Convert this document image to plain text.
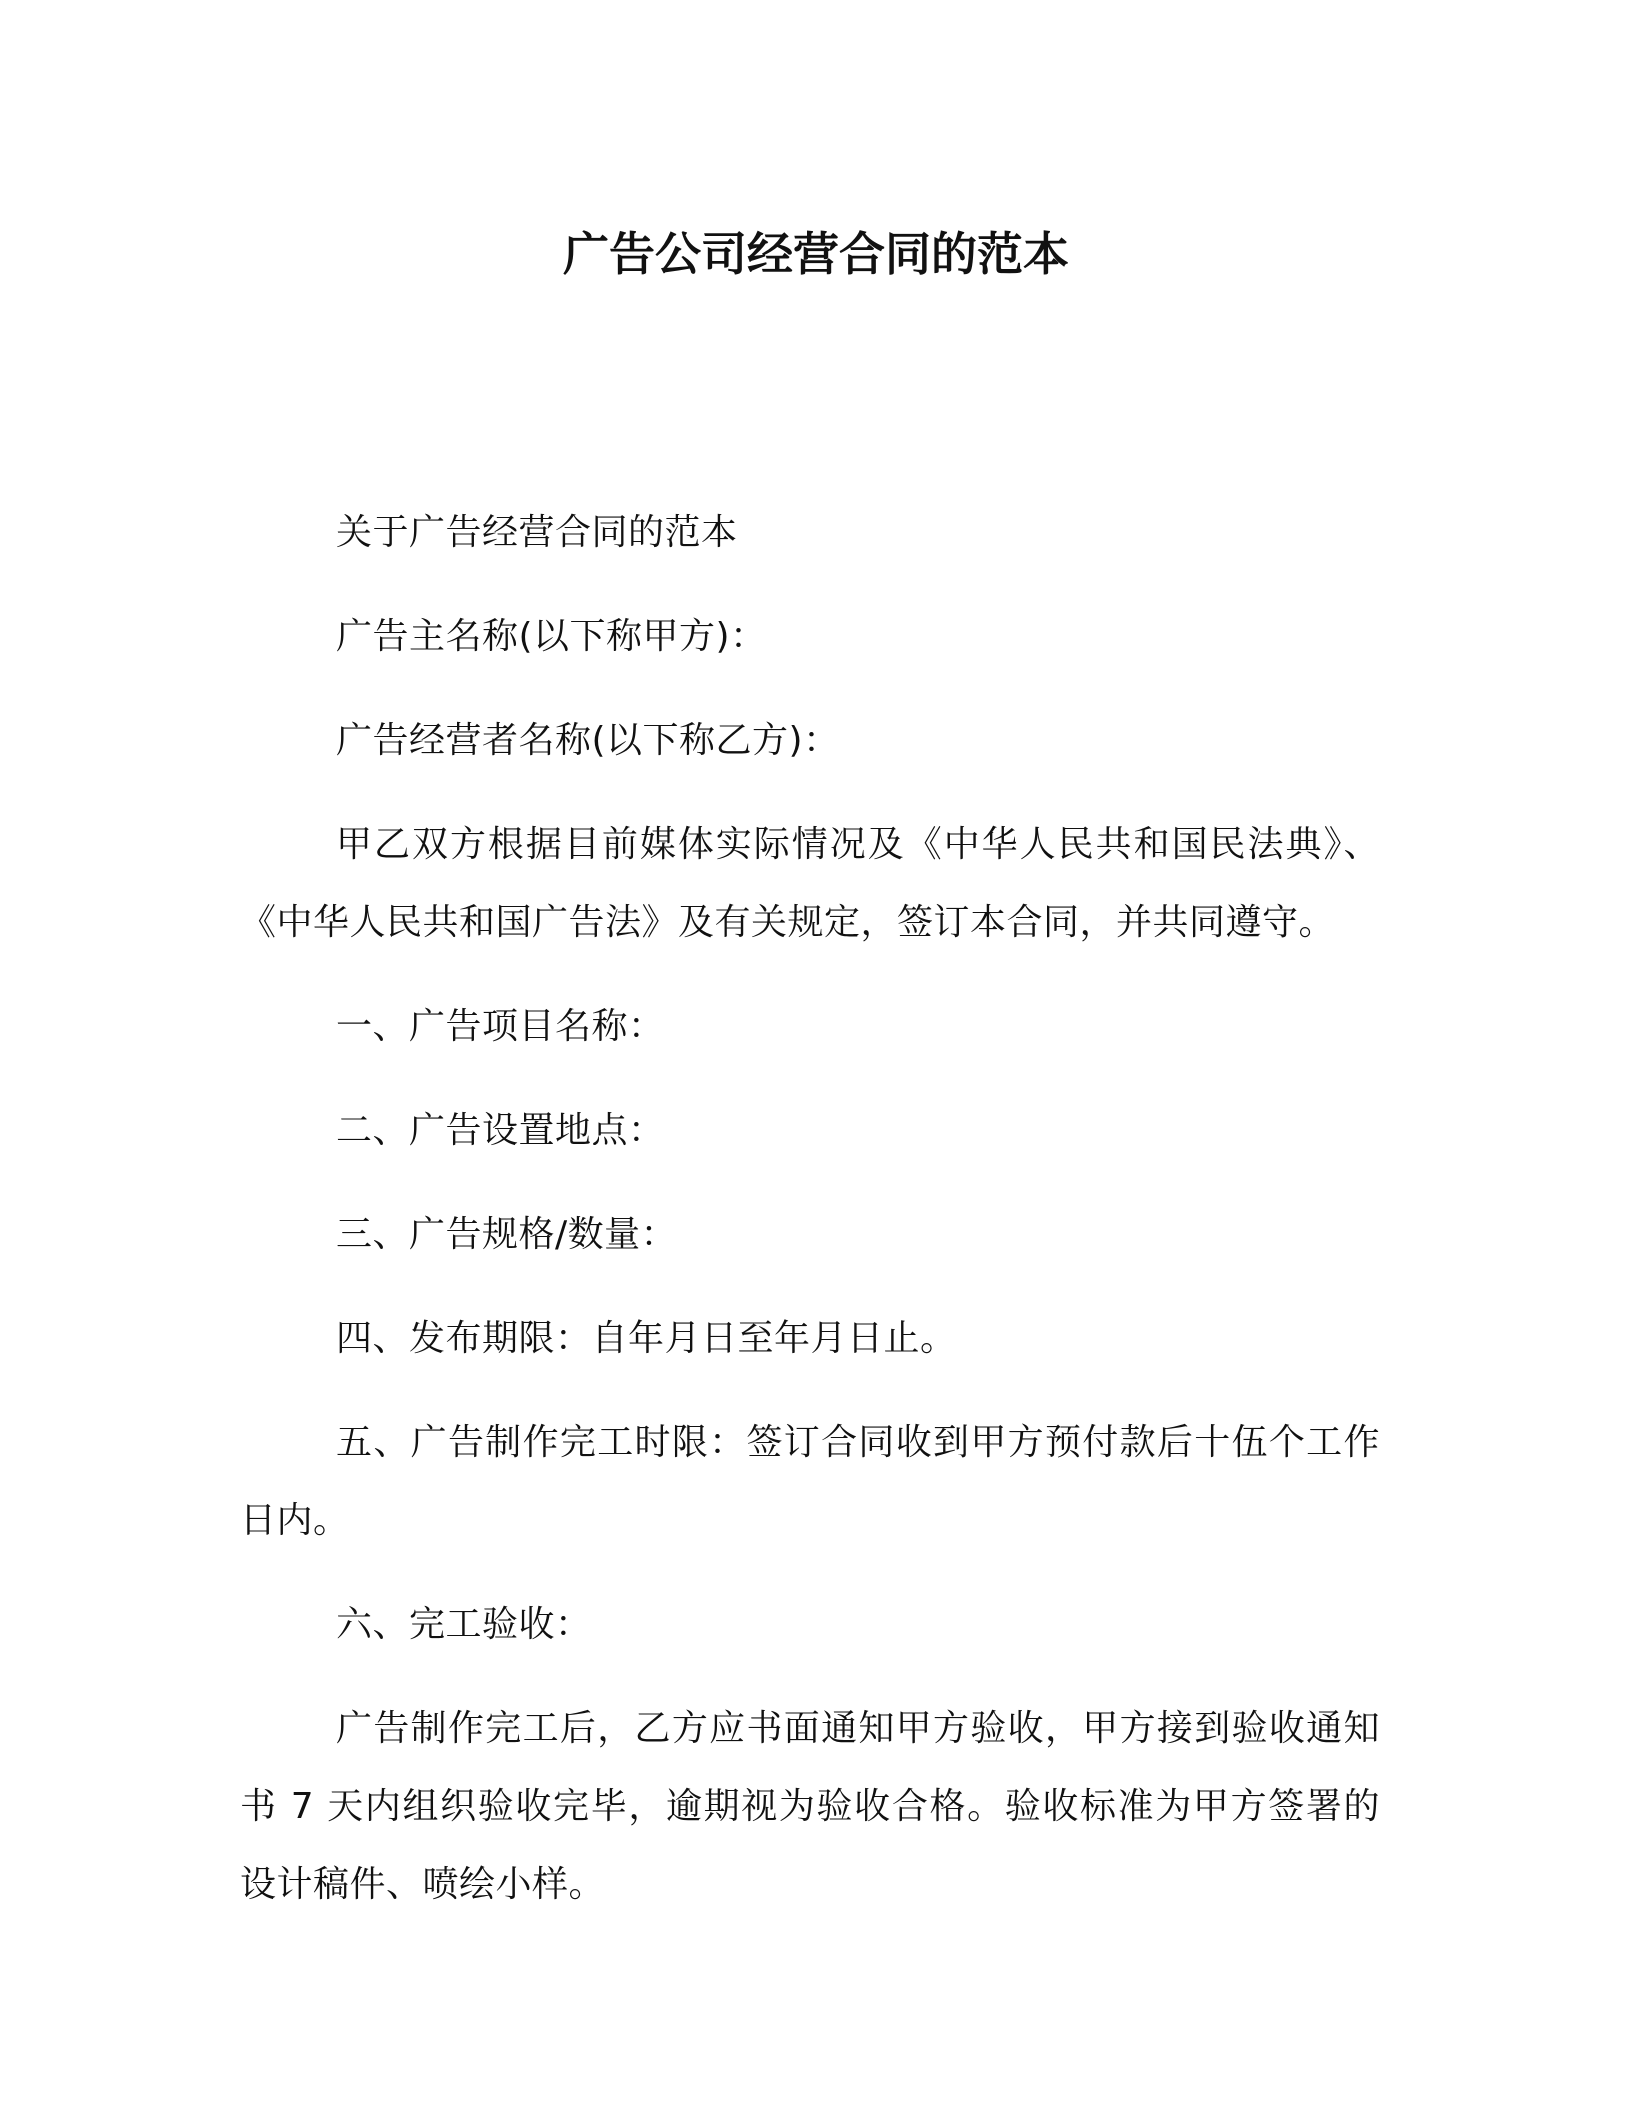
广告公司经营合同的范本

关于广告经营合同的范本

广告主名称(以下称甲方)：

广告经营者名称(以下称乙方)：

甲乙双方根据目前媒体实际情况及《中华人民共和国民法典》、《中华人民共和国广告法》及有关规定，签订本合同，并共同遵守。

一、广告项目名称：

二、广告设置地点：

三、广告规格/数量：

四、发布期限：自年月日至年月日止。

五、广告制作完工时限：签订合同收到甲方预付款后十伍个工作日内。

六、完工验收：

广告制作完工后，乙方应书面通知甲方验收，甲方接到验收通知书 7 天内组织验收完毕，逾期视为验收合格。验收标准为甲方签署的设计稿件、喷绘小样。
